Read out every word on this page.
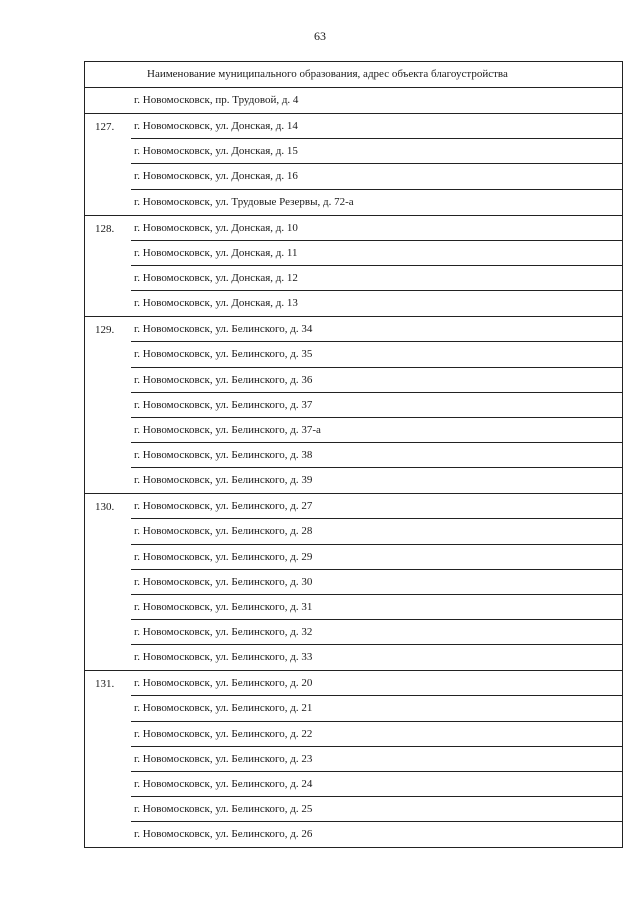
63
Наименование муниципального образования, адрес объекта благоустройства
г. Новомосковск, пр. Трудовой, д. 4
127.	г. Новомосковск, ул. Донская, д. 14
г. Новомосковск, ул. Донская, д. 15
г. Новомосковск, ул. Донская, д. 16
г. Новомосковск, ул. Трудовые Резервы, д. 72-а
128.	г. Новомосковск, ул. Донская, д. 10
г. Новомосковск, ул. Донская, д. 11
г. Новомосковск, ул. Донская, д. 12
г. Новомосковск, ул. Донская, д. 13
129.	г. Новомосковск, ул. Белинского, д. 34
г. Новомосковск, ул. Белинского, д. 35
г. Новомосковск, ул. Белинского, д. 36
г. Новомосковск, ул. Белинского, д. 37
г. Новомосковск, ул. Белинского, д. 37-а
г. Новомосковск, ул. Белинского, д. 38
г. Новомосковск, ул. Белинского, д. 39
130.	г. Новомосковск, ул. Белинского, д. 27
г. Новомосковск, ул. Белинского, д. 28
г. Новомосковск, ул. Белинского, д. 29
г. Новомосковск, ул. Белинского, д. 30
г. Новомосковск, ул. Белинского, д. 31
г. Новомосковск, ул. Белинского, д. 32
г. Новомосковск, ул. Белинского, д. 33
131.	г. Новомосковск, ул. Белинского, д. 20
г. Новомосковск, ул. Белинского, д. 21
г. Новомосковск, ул. Белинского, д. 22
г. Новомосковск, ул. Белинского, д. 23
г. Новомосковск, ул. Белинского, д. 24
г. Новомосковск, ул. Белинского, д. 25
г. Новомосковск, ул. Белинского, д. 26
